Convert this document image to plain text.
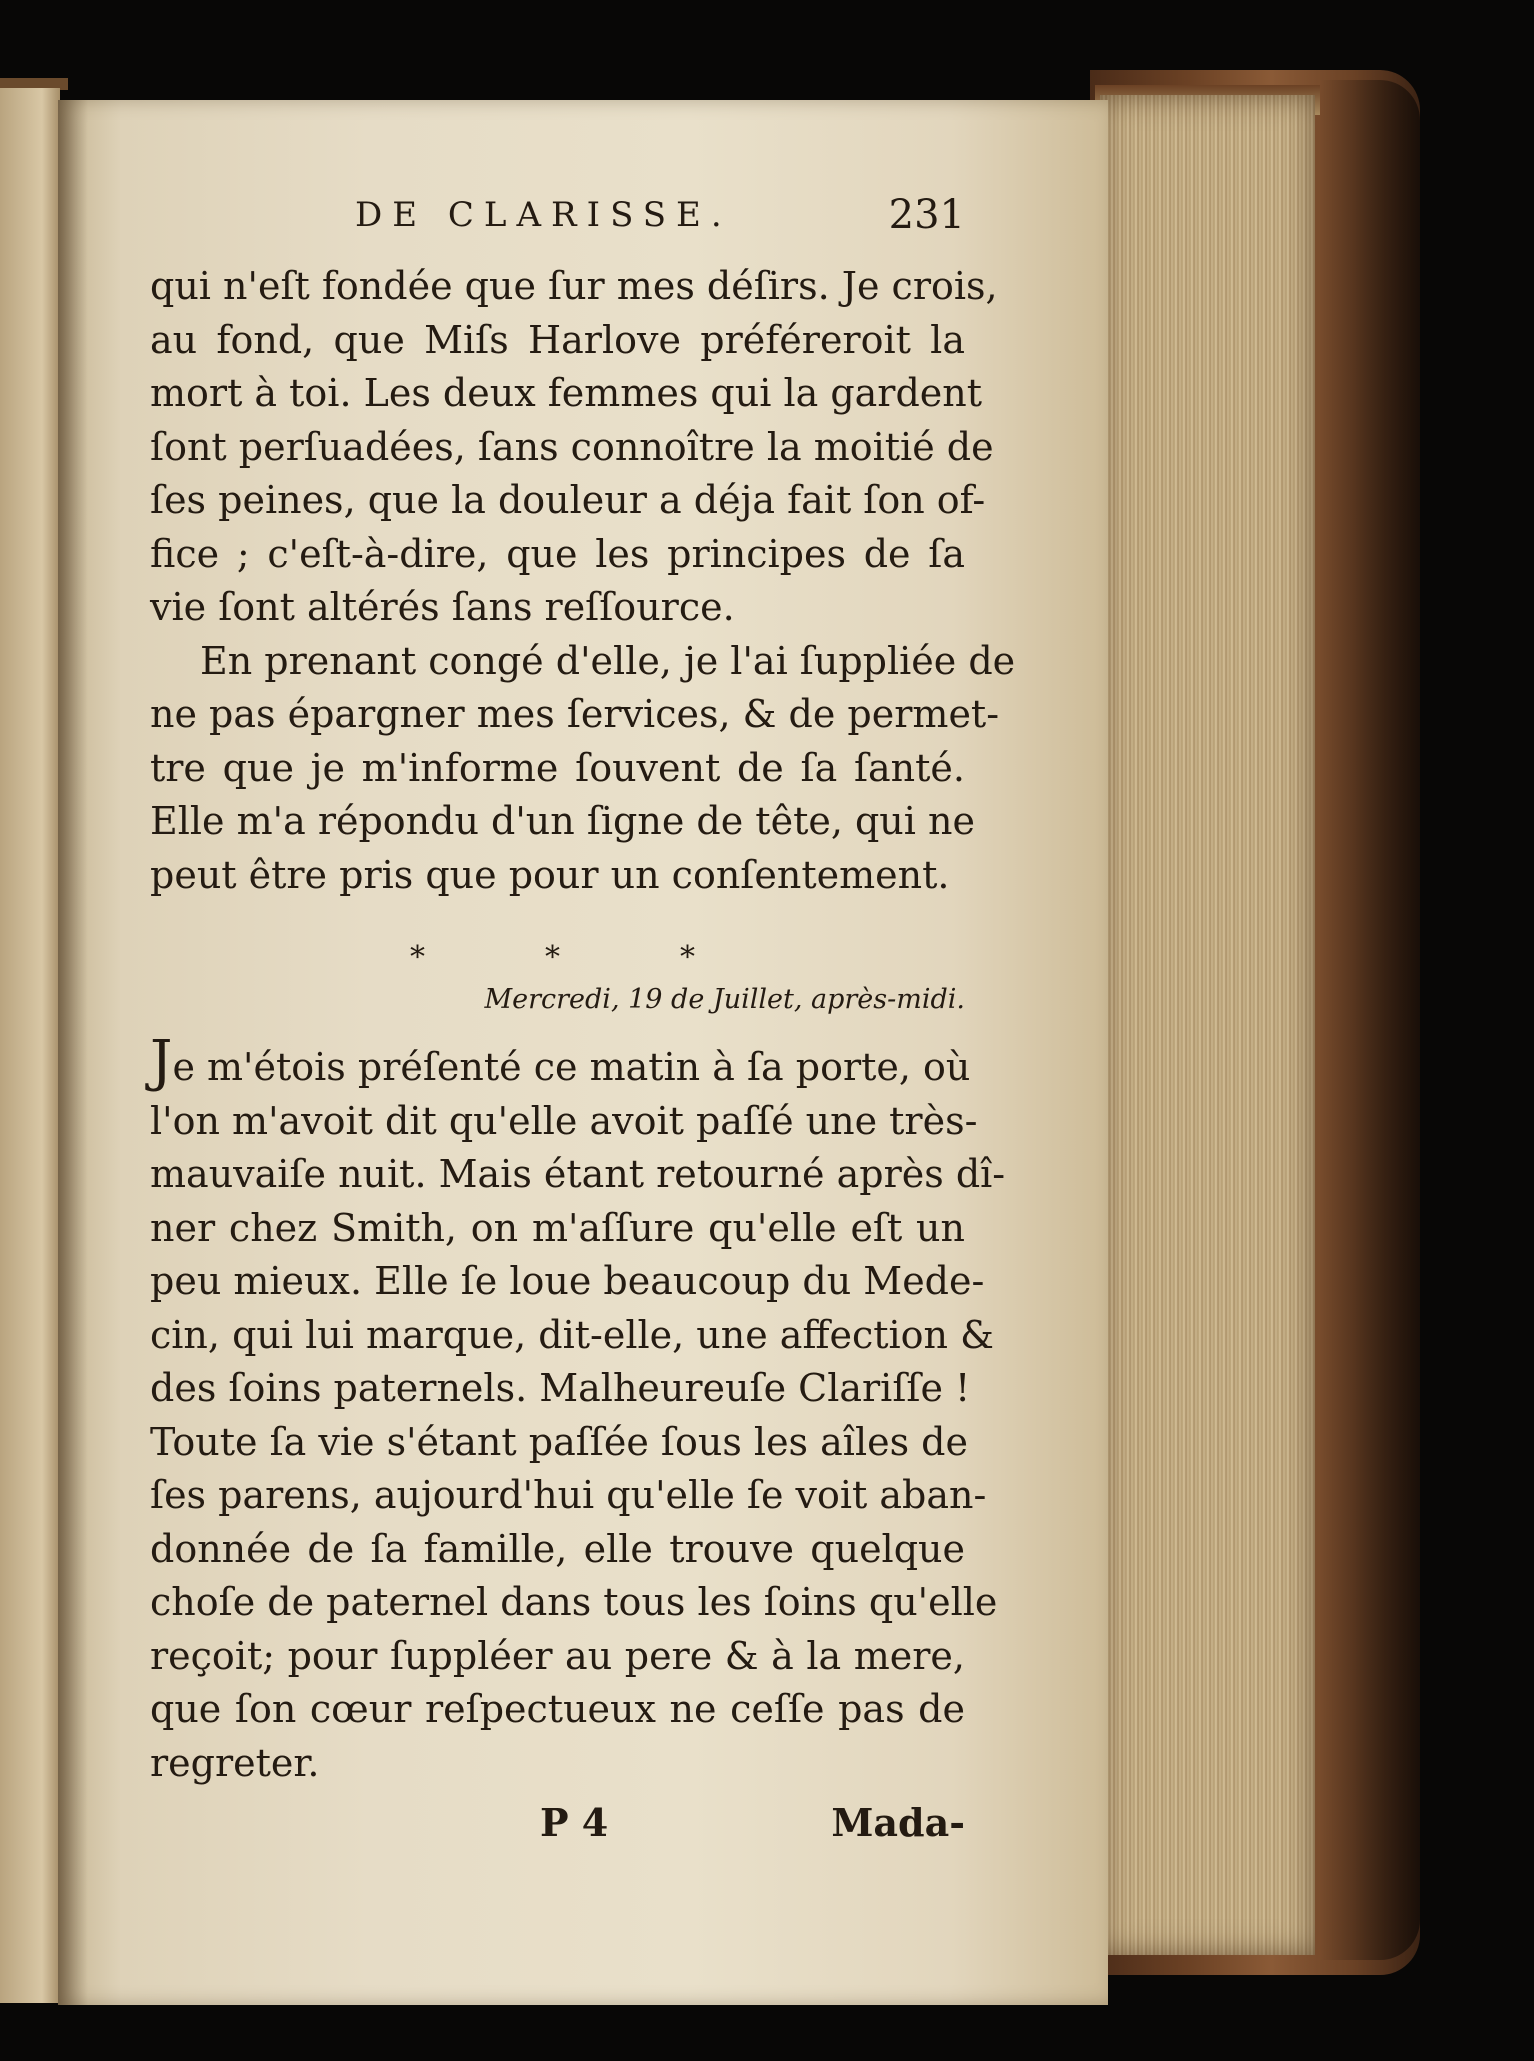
DE CLARISSE.	231

qui n'eſt fondée que ſur mes déſirs. Je crois,
au fond, que Miſs Harlove préféreroit la
mort à toi. Les deux femmes qui la gardent
ſont perſuadées, ſans connoître la moitié de
ſes peines, que la douleur a déja fait ſon of-
fice ; c'eſt-à-dire, que les principes de ſa
vie ſont altérés ſans reſſource.

En prenant congé d'elle, je l'ai ſuppliée de
ne pas épargner mes ſervices, & de permet-
tre que je m'informe ſouvent de ſa ſanté.
Elle m'a répondu d'un ſigne de tête, qui ne
peut être pris que pour un conſentement.

*	*	*
Mercredi, 19 de Juillet, après-midi.

Je m'étois préſenté ce matin à ſa porte, où
l'on m'avoit dit qu'elle avoit paſſé une très-
mauvaiſe nuit. Mais étant retourné après dî-
ner chez Smith, on m'aſſure qu'elle eſt un
peu mieux. Elle ſe loue beaucoup du Mede-
cin, qui lui marque, dit-elle, une affection &
des ſoins paternels. Malheureuſe Clariſſe !
Toute ſa vie s'étant paſſée ſous les aîles de
ſes parens, aujourd'hui qu'elle ſe voit aban-
donnée de ſa famille, elle trouve quelque
choſe de paternel dans tous les ſoins qu'elle
reçoit; pour ſuppléer au pere & à la mere,
que ſon cœur reſpectueux ne ceſſe pas de
regreter.

P 4	Mada-
